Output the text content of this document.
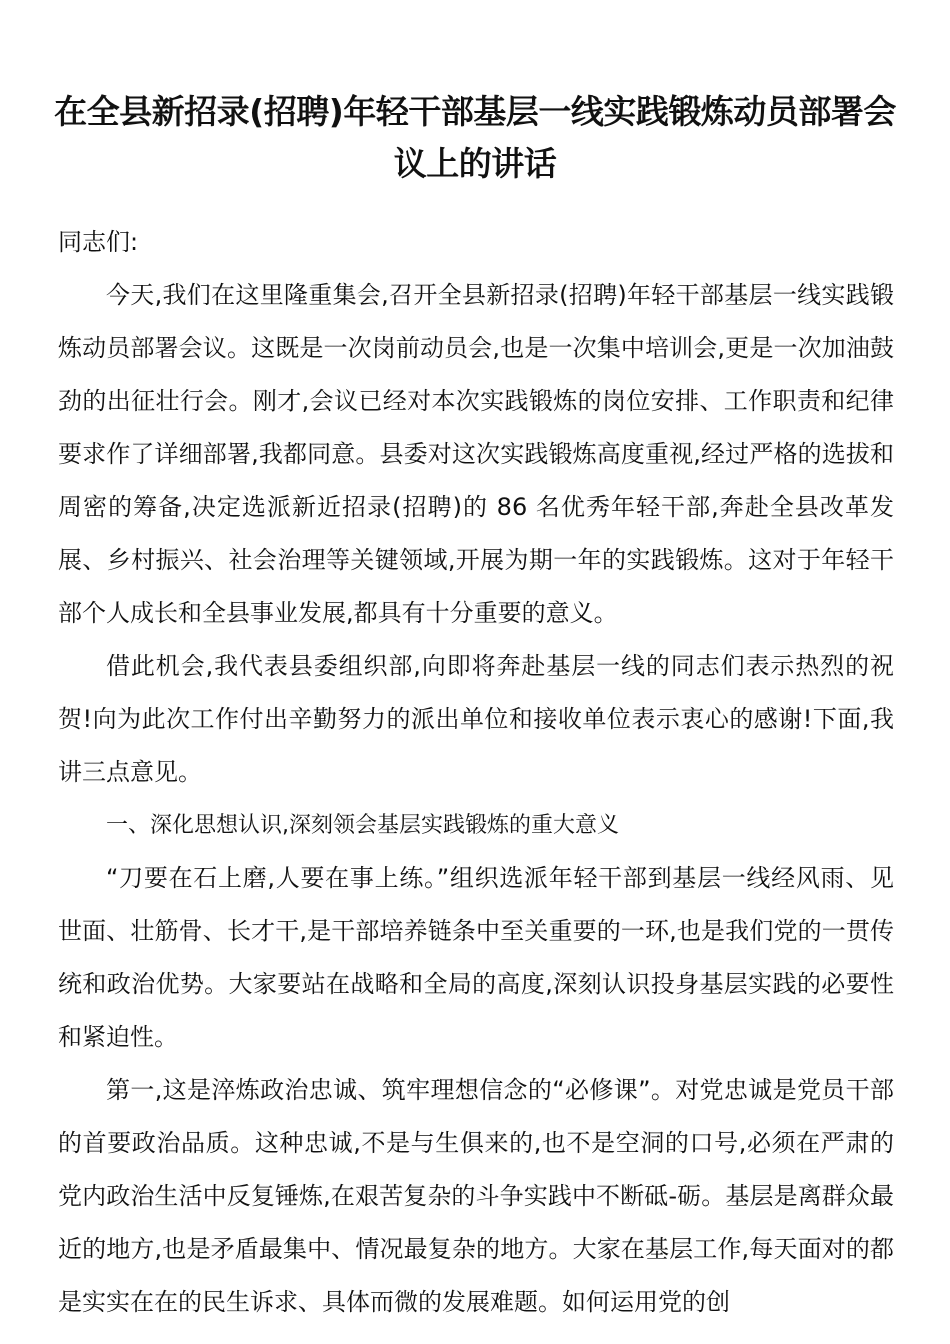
在全县新招录(招聘)年轻干部基层一线实践锻炼动员部署会议上的讲话

同志们:

今天,我们在这里隆重集会,召开全县新招录(招聘)年轻干部基层一线实践锻炼动员部署会议。这既是一次岗前动员会,也是一次集中培训会,更是一次加油鼓劲的出征壮行会。刚才,会议已经对本次实践锻炼的岗位安排、工作职责和纪律要求作了详细部署,我都同意。县委对这次实践锻炼高度重视,经过严格的选拔和周密的筹备,决定选派新近招录(招聘)的 86 名优秀年轻干部,奔赴全县改革发展、乡村振兴、社会治理等关键领域,开展为期一年的实践锻炼。这对于年轻干部个人成长和全县事业发展,都具有十分重要的意义。

借此机会,我代表县委组织部,向即将奔赴基层一线的同志们表示热烈的祝贺!向为此次工作付出辛勤努力的派出单位和接收单位表示衷心的感谢!下面,我讲三点意见。

一、深化思想认识,深刻领会基层实践锻炼的重大意义

“刀要在石上磨,人要在事上练。”组织选派年轻干部到基层一线经风雨、见世面、壮筋骨、长才干,是干部培养链条中至关重要的一环,也是我们党的一贯传统和政治优势。大家要站在战略和全局的高度,深刻认识投身基层实践的必要性和紧迫性。

第一,这是淬炼政治忠诚、筑牢理想信念的“必修课”。对党忠诚是党员干部的首要政治品质。这种忠诚,不是与生俱来的,也不是空洞的口号,必须在严肃的党内政治生活中反复锤炼,在艰苦复杂的斗争实践中不断砥-砺。基层是离群众最近的地方,也是矛盾最集中、情况最复杂的地方。大家在基层工作,每天面对的都是实实在在的民生诉求、具体而微的发展难题。如何运用党的创
